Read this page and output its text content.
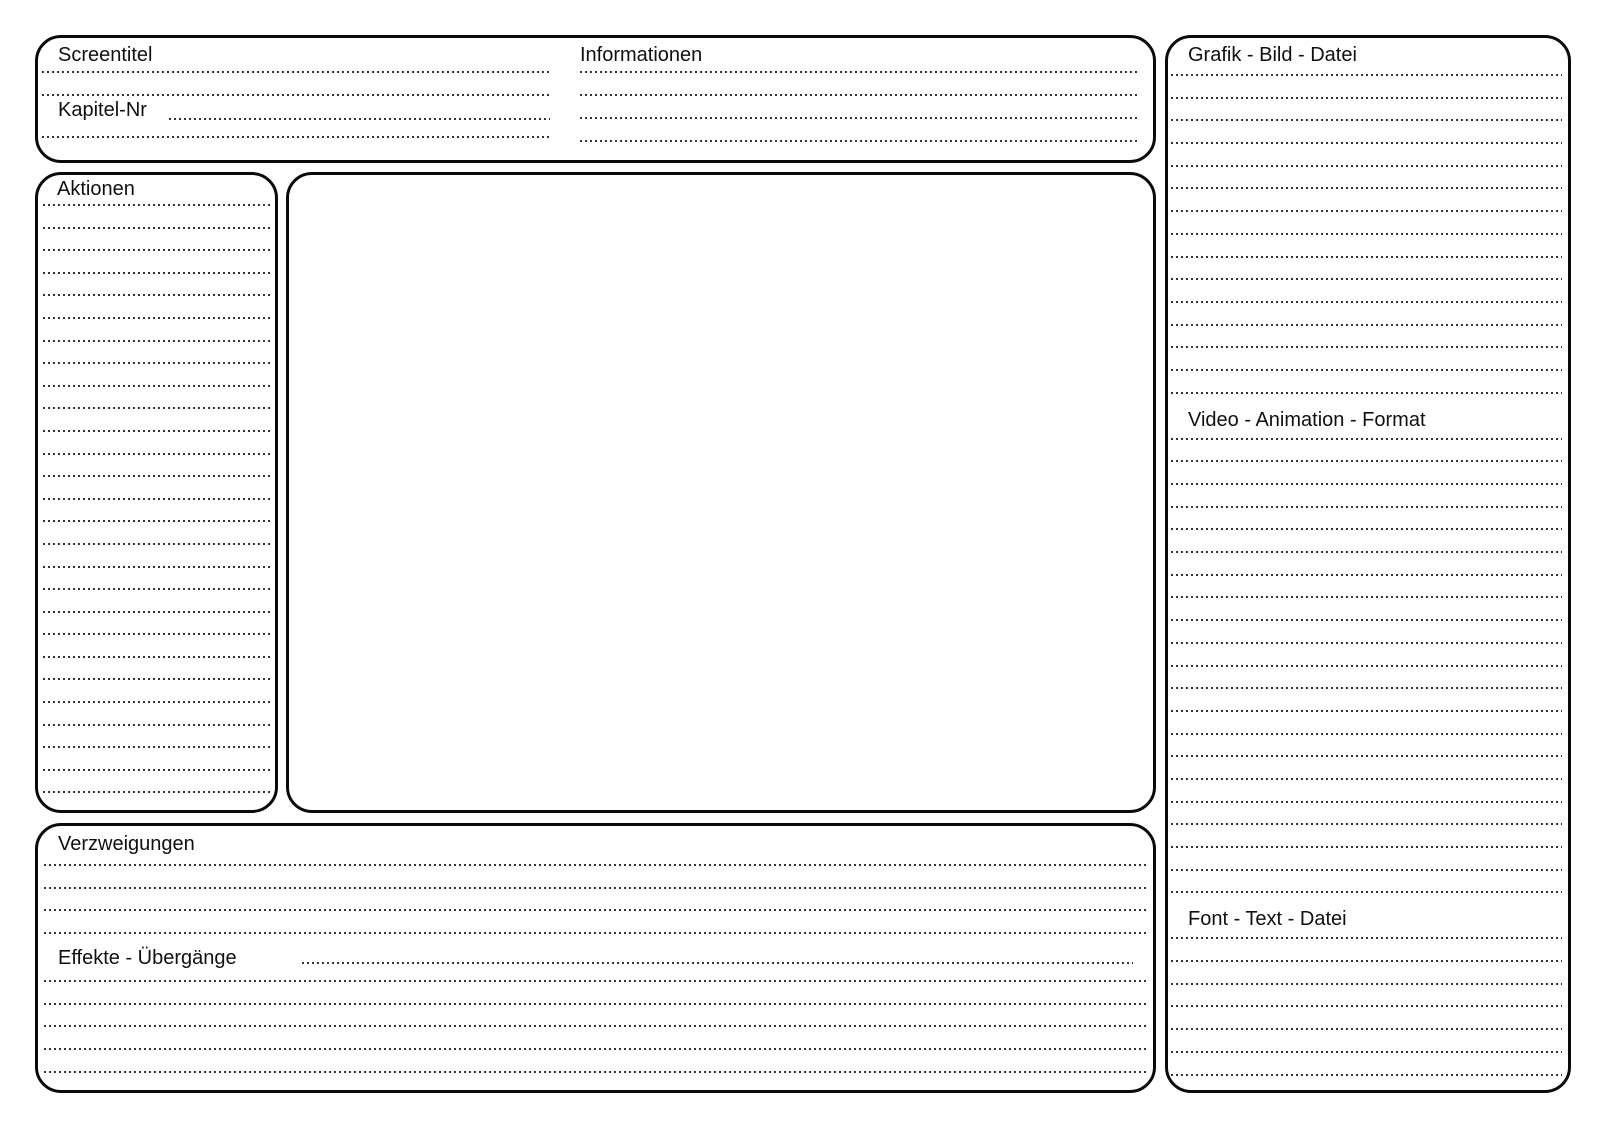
Screentitel
Kapitel-Nr
Informationen
Aktionen
Verzweigungen
Effekte - Übergänge
Grafik - Bild - Datei
Video - Animation - Format
Font - Text - Datei
